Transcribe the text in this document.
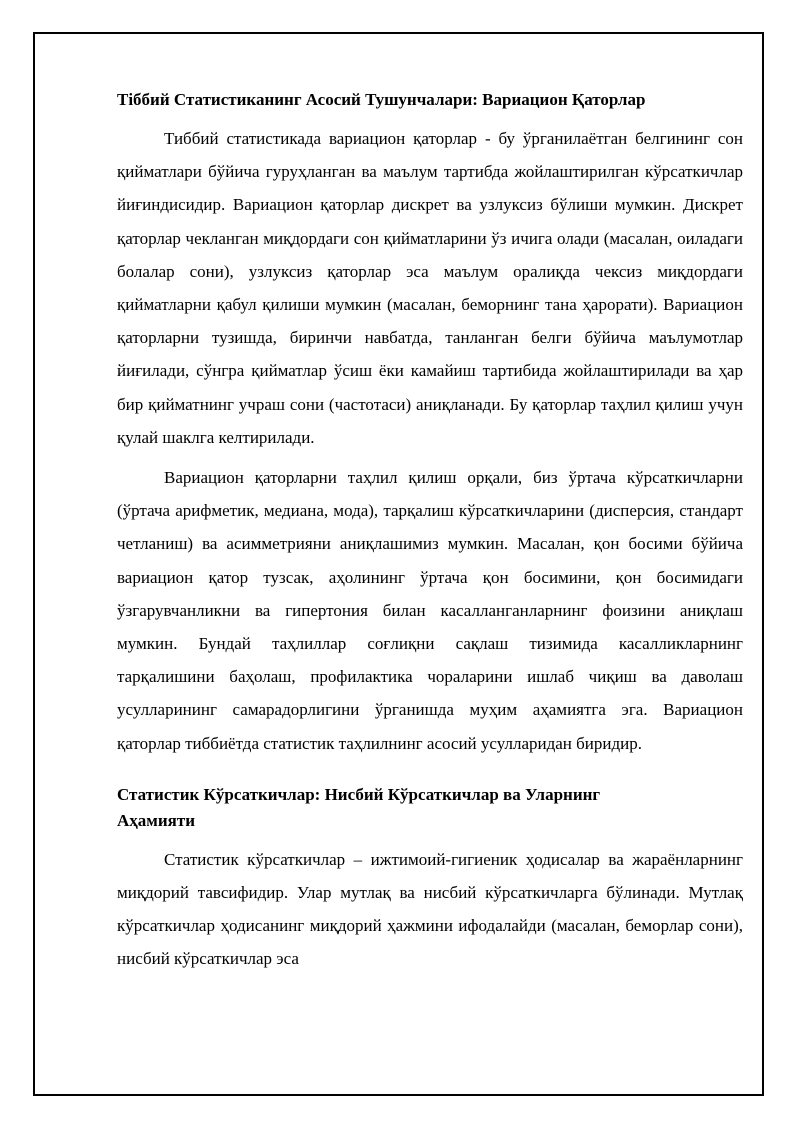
Тiббий Статистиканинг Асосий Тушунчалари: Вариацион Қаторлар

Тиббий статистикада вариацион қаторлар - бу ўрганилаётган белгининг сон қийматлари бўйича гуруҳланган ва маълум тартибда жойлаштирилган кўрсаткичлар йиғиндисидир. Вариацион қаторлар дискрет ва узлуксиз бўлиши мумкин. Дискрет қаторлар чекланган миқдордаги сон қийматларини ўз ичига олади (масалан, оиладаги болалар сони), узлуксиз қаторлар эса маълум оралиқда чексиз миқдордаги қийматларни қабул қилиши мумкин (масалан, беморнинг тана ҳарорати). Вариацион қаторларни тузишда, биринчи навбатда, танланган белги бўйича маълумотлар йиғилади, сўнгра қийматлар ўсиш ёки камайиш тартибида жойлаштирилади ва ҳар бир қийматнинг учраш сони (частотаси) аниқланади. Бу қаторлар таҳлил қилиш учун қулай шаклга келтирилади.

Вариацион қаторларни таҳлил қилиш орқали, биз ўртача кўрсаткичларни (ўртача арифметик, медиана, мода), тарқалиш кўрсаткичларини (дисперсия, стандарт четланиш) ва асимметрияни аниқлашимиз мумкин. Масалан, қон босими бўйича вариацион қатор тузсак, аҳолининг ўртача қон босимини, қон босимидаги ўзгарувчанликни ва гипертония билан касалланганларнинг фоизини аниқлаш мумкин. Бундай таҳлиллар соғлиқни сақлаш тизимида касалликларнинг тарқалишини баҳолаш, профилактика чораларини ишлаб чиқиш ва даволаш усулларининг самарадорлигини ўрганишда муҳим аҳамиятга эга. Вариацион қаторлар тиббиётда статистик таҳлилнинг асосий усулларидан биридир.

Статистик Кўрсаткичлар: Нисбий Кўрсаткичлар ва Уларнинг
Аҳамияти

Статистик кўрсаткичлар – ижтимоий-гигиеник ҳодисалар ва жараёнларнинг миқдорий тавсифидир. Улар мутлақ ва нисбий кўрсаткичларга бўлинади. Мутлақ кўрсаткичлар ҳодисанинг миқдорий ҳажмини ифодалайди (масалан, беморлар сони), нисбий кўрсаткичлар эса
